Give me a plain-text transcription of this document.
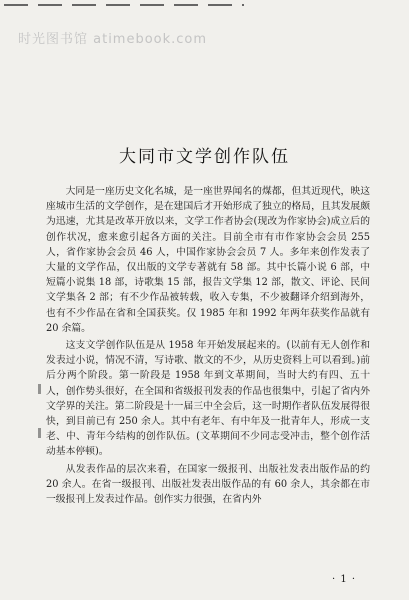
时光图书馆 atimebook.com
大同市文学创作队伍

大同是一座历史文化名城，是一座世界闻名的煤都，但其近现代，映这座城市生活的文学创作，是在建国后才开始形成了独立的格局，且其发展颇为迅速，尤其是改革开放以来，文学工作者协会(现改为作家协会)成立后的创作状况，愈来愈引起各方面的关注。目前全市有市作家协会会员 255 人，省作家协会会员 46 人，中国作家协会会员 7 人。多年来创作发表了大量的文学作品，仅出版的文学专著就有 58 部。其中长篇小说 6 部，中短篇小说集 18 部，诗歌集 15 部，报告文学集 12 部，散文、评论、民间文学集各 2 部；有不少作品被转载，收入专集，不少被翻译介绍到海外，也有不少作品在省和全国获奖。仅 1985 年和 1992 年两年获奖作品就有 20 余篇。

这支文学创作队伍是从 1958 年开始发展起来的。(以前有无人创作和发表过小说，情况不清，写诗歌、散文的不少，从历史资料上可以看到。)前后分两个阶段。第一阶段是 1958 年到文革期间，当时大约有四、五十人，创作势头很好，在全国和省级报刊发表的作品也很集中，引起了省内外文学界的关注。第二阶段是十一届三中全会后，这一时期作者队伍发展得很快，到目前已有 250 余人。其中有老年、有中年及一批青年人，形成一支老、中、青年今结构的创作队伍。(文革期间不少同志受冲击，整个创作活动基本停顿)。

从发表作品的层次来看，在国家一级报刊、出版社发表出版作品的约 20 余人。在省一级报刊、出版社发表出版作品的有 60 余人，其余都在市一级报刊上发表过作品。创作实力很强，在省内外

· 1 ·
